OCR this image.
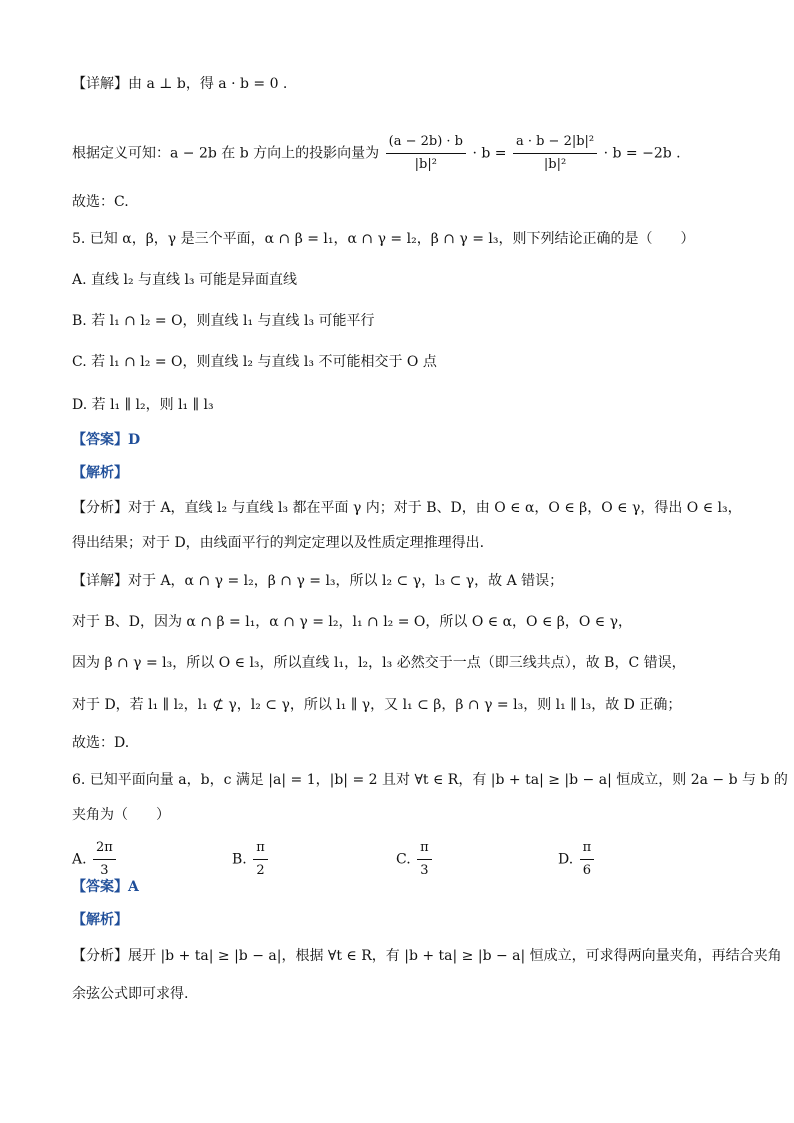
【详解】由 a ⊥ b，得 a · b = 0 .
根据定义可知：a − 2b 在 b 方向上的投影向量为 $\frac{(a - 2b) \cdot b}{\text{|b|²}} \cdot b = \frac{\text{a · b − 2|b|²}}{\text{|b|²}} \cdot b = -2b$ .
故选：C.
5. 已知 α，β，γ 是三个平面，α ∩ β = l₁，α ∩ γ = l₂，β ∩ γ = l₃，则下列结论正确的是（　　）
A. 直线 l₂ 与直线 l₃ 可能是异面直线
B. 若 l₁ ∩ l₂ = O，则直线 l₁ 与直线 l₃ 可能平行
C. 若 l₁ ∩ l₂ = O，则直线 l₂ 与直线 l₃ 不可能相交于 O 点
D. 若 l₁ ∥ l₂，则 l₁ ∥ l₃
【答案】D
【解析】
【分析】对于 A，直线 l₂ 与直线 l₃ 都在平面 γ 内；对于 B、D，由 O ∈ α，O ∈ β，O ∈ γ，得出 O ∈ l₃，
得出结果；对于 D，由线面平行的判定定理以及性质定理推理得出.
【详解】对于 A，α ∩ γ = l₂，β ∩ γ = l₃，所以 l₂ ⊂ γ，l₃ ⊂ γ，故 A 错误；
对于 B、D，因为 α ∩ β = l₁，α ∩ γ = l₂，l₁ ∩ l₂ = O，所以 O ∈ α，O ∈ β，O ∈ γ，
因为 β ∩ γ = l₃，所以 O ∈ l₃，所以直线 l₁，l₂，l₃ 必然交于一点（即三线共点），故 B，C 错误，
对于 D，若 l₁ ∥ l₂，l₁ ⊄ γ，l₂ ⊂ γ，所以 l₁ ∥ γ，又 l₁ ⊂ β，β ∩ γ = l₃，则 l₁ ∥ l₃，故 D 正确；
故选：D.
6. 已知平面向量 a，b，c 满足 |a| = 1，|b| = 2 且对 ∀t ∈ R，有 |b + ta| ≥ |b − a| 恒成立，则 2a − b 与 b 的
夹角为（　　）
A. $\frac{2\pi}{3}$	B. $\frac{\pi}{2}$	C. $\frac{\pi}{3}$	D. $\frac{\pi}{6}$
【答案】A
【解析】
【分析】展开 |b + ta| ≥ |b − a|，根据 ∀t ∈ R，有 |b + ta| ≥ |b − a| 恒成立，可求得两向量夹角，再结合夹角
余弦公式即可求得.
